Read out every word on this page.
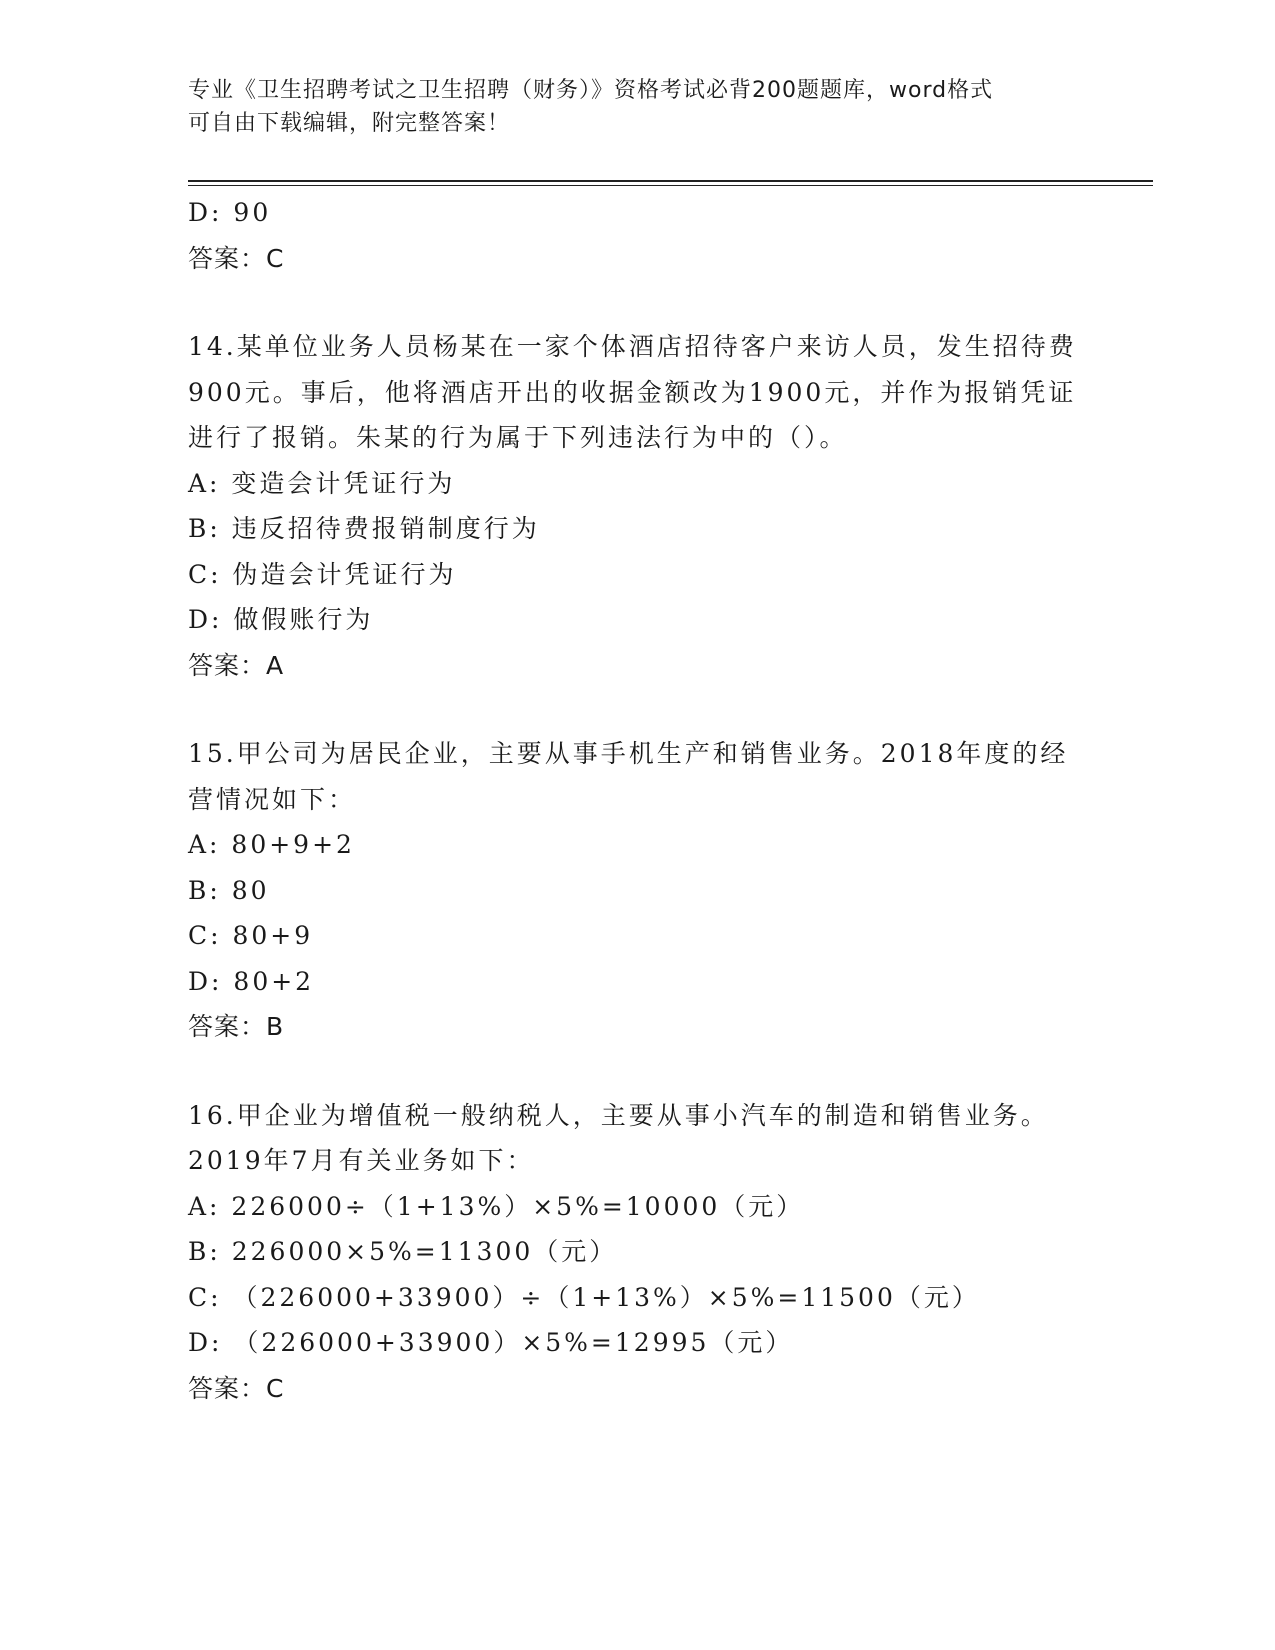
专业《卫生招聘考试之卫生招聘（财务）》资格考试必背200题题库，word格式
可自由下载编辑，附完整答案！
D: 90
答案：C
14.某单位业务人员杨某在一家个体酒店招待客户来访人员，发生招待费900元。事后，他将酒店开出的收据金额改为1900元，并作为报销凭证进行了报销。朱某的行为属于下列违法行为中的（）。
A: 变造会计凭证行为
B: 违反招待费报销制度行为
C: 伪造会计凭证行为
D: 做假账行为
答案：A
15.甲公司为居民企业，主要从事手机生产和销售业务。2018年度的经营情况如下：
A: 80+9+2
B: 80
C: 80+9
D: 80+2
答案：B
16.甲企业为增值税一般纳税人，主要从事小汽车的制造和销售业务。2019年7月有关业务如下：
A: 226000÷（1+13%）×5%=10000（元）
B: 226000×5%=11300（元）
C: （226000+33900）÷（1+13%）×5%=11500（元）
D: （226000+33900）×5%=12995（元）
答案：C
